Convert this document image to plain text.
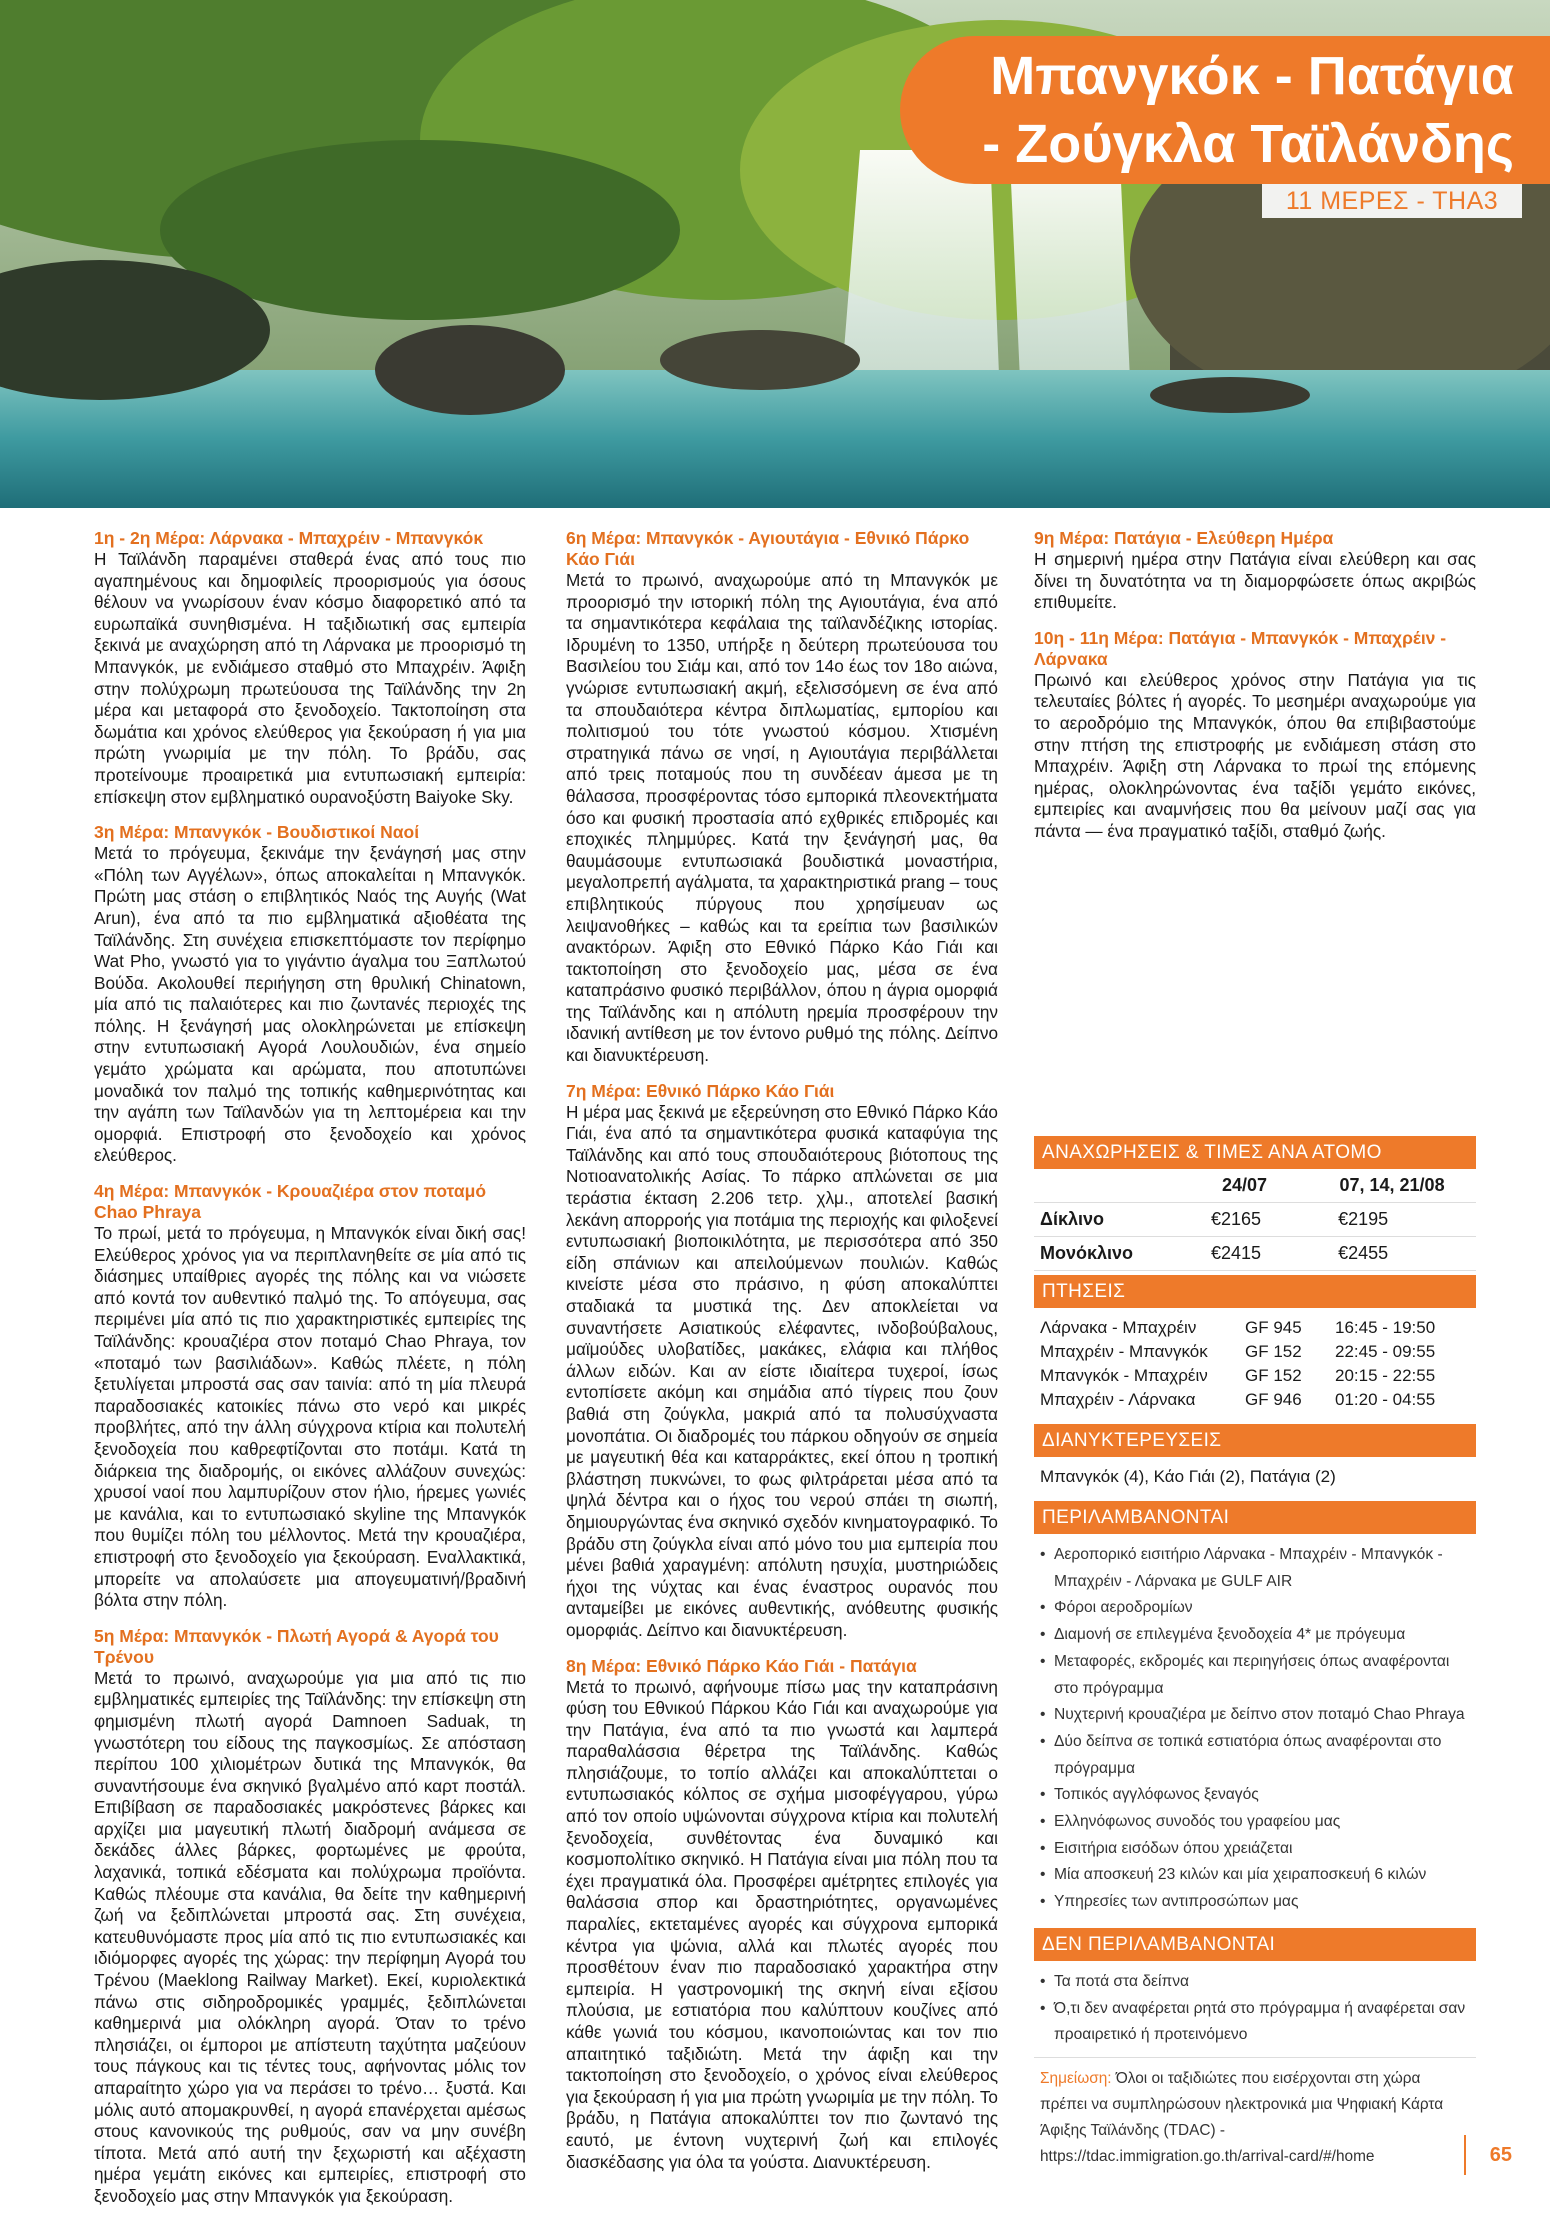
Μπανγκόκ - Πατάγια
- Ζούγκλα Ταϊλάνδης
11 ΜΕΡΕΣ - ΤΗΑ3
1η - 2η Μέρα: Λάρνακα - Μπαχρέιν - Μπανγκόκ

Η Ταϊλάνδη παραμένει σταθερά ένας από τους πιο αγαπημένους και δημοφιλείς προορισμούς για όσους θέλουν να γνωρίσουν έναν κόσμο διαφορετικό από τα ευρωπαϊκά συνηθισμένα. Η ταξιδιωτική σας εμπειρία ξεκινά με αναχώρηση από τη Λάρνακα με προορισμό τη Μπανγκόκ, με ενδιάμεσο σταθμό στο Μπαχρέιν. Άφιξη στην πολύχρωμη πρωτεύουσα της Ταϊλάνδης την 2η μέρα και μεταφορά στο ξενοδοχείο. Τακτοποίηση στα δωμάτια και χρόνος ελεύθερος για ξεκούραση ή για μια πρώτη γνωριμία με την πόλη. Το βράδυ, σας προτείνουμε προαιρετικά μια εντυπωσιακή εμπειρία: επίσκεψη στον εμβληματικό ουρανοξύστη Baiyoke Sky.

3η Μέρα: Μπανγκόκ - Βουδιστικοί Ναοί

Μετά το πρόγευμα, ξεκινάμε την ξενάγησή μας στην «Πόλη των Αγγέλων», όπως αποκαλείται η Μπανγκόκ. Πρώτη μας στάση ο επιβλητικός Ναός της Αυγής (Wat Arun), ένα από τα πιο εμβληματικά αξιοθέατα της Ταϊλάνδης. Στη συνέχεια επισκεπτόμαστε τον περίφημο Wat Pho, γνωστό για το γιγάντιο άγαλμα του Ξαπλωτού Βούδα. Ακολουθεί περιήγηση στη θρυλική Chinatown, μία από τις παλαιότερες και πιο ζωντανές περιοχές της πόλης. Η ξενάγησή μας ολοκληρώνεται με επίσκεψη στην εντυπωσιακή Αγορά Λουλουδιών, ένα σημείο γεμάτο χρώματα και αρώματα, που αποτυπώνει μοναδικά τον παλμό της τοπικής καθημερινότητας και την αγάπη των Ταϊλανδών για τη λεπτομέρεια και την ομορφιά. Επιστροφή στο ξενοδοχείο και χρόνος ελεύθερος.

4η Μέρα: Μπανγκόκ - Κρουαζιέρα στον ποταμό Chao Phraya

Το πρωί, μετά το πρόγευμα, η Μπανγκόκ είναι δική σας! Ελεύθερος χρόνος για να περιπλανηθείτε σε μία από τις διάσημες υπαίθριες αγορές της πόλης και να νιώσετε από κοντά τον αυθεντικό παλμό της. Το απόγευμα, σας περιμένει μία από τις πιο χαρακτηριστικές εμπειρίες της Ταϊλάνδης: κρουαζιέρα στον ποταμό Chao Phraya, τον «ποταμό των βασιλιάδων». Καθώς πλέετε, η πόλη ξετυλίγεται μπροστά σας σαν ταινία: από τη μία πλευρά παραδοσιακές κατοικίες πάνω στο νερό και μικρές προβλήτες, από την άλλη σύγχρονα κτίρια και πολυτελή ξενοδοχεία που καθρεφτίζονται στο ποτάμι. Κατά τη διάρκεια της διαδρομής, οι εικόνες αλλάζουν συνεχώς: χρυσοί ναοί που λαμπυρίζουν στον ήλιο, ήρεμες γωνιές με κανάλια, και το εντυπωσιακό skyline της Μπανγκόκ που θυμίζει πόλη του μέλλοντος. Μετά την κρουαζιέρα, επιστροφή στο ξενοδοχείο για ξεκούραση. Εναλλακτικά, μπορείτε να απολαύσετε μια απογευματινή/βραδινή βόλτα στην πόλη.

5η Μέρα: Μπανγκόκ - Πλωτή Αγορά & Αγορά του Τρένου

Μετά το πρωινό, αναχωρούμε για μια από τις πιο εμβληματικές εμπειρίες της Ταϊλάνδης: την επίσκεψη στη φημισμένη πλωτή αγορά Damnoen Saduak, τη γνωστότερη του είδους της παγκοσμίως. Σε απόσταση περίπου 100 χιλιομέτρων δυτικά της Μπανγκόκ, θα συναντήσουμε ένα σκηνικό βγαλμένο από καρτ ποστάλ. Επιβίβαση σε παραδοσιακές μακρόστενες βάρκες και αρχίζει μια μαγευτική πλωτή διαδρομή ανάμεσα σε δεκάδες άλλες βάρκες, φορτωμένες με φρούτα, λαχανικά, τοπικά εδέσματα και πολύχρωμα προϊόντα. Καθώς πλέουμε στα κανάλια, θα δείτε την καθημερινή ζωή να ξεδιπλώνεται μπροστά σας. Στη συνέχεια, κατευθυνόμαστε προς μία από τις πιο εντυπωσιακές και ιδιόμορφες αγορές της χώρας: την περίφημη Αγορά του Τρένου (Maeklong Railway Market). Εκεί, κυριολεκτικά πάνω στις σιδηροδρομικές γραμμές, ξεδιπλώνεται καθημερινά μια ολόκληρη αγορά. Όταν το τρένο πλησιάζει, οι έμποροι με απίστευτη ταχύτητα μαζεύουν τους πάγκους και τις τέντες τους, αφήνοντας μόλις τον απαραίτητο χώρο για να περάσει το τρένο… ξυστά. Και μόλις αυτό απομακρυνθεί, η αγορά επανέρχεται αμέσως στους κανονικούς της ρυθμούς, σαν να μην συνέβη τίποτα. Μετά από αυτή την ξεχωριστή και αξέχαστη ημέρα γεμάτη εικόνες και εμπειρίες, επιστροφή στο ξενοδοχείο μας στην Μπανγκόκ για ξεκούραση.

6η Μέρα: Μπανγκόκ - Αγιουτάγια - Εθνικό Πάρκο Κάο Γιάι

Μετά το πρωινό, αναχωρούμε από τη Μπανγκόκ με προορισμό την ιστορική πόλη της Αγιουτάγια, ένα από τα σημαντικότερα κεφάλαια της ταϊλανδέζικης ιστορίας. Ιδρυμένη το 1350, υπήρξε η δεύτερη πρωτεύουσα του Βασιλείου του Σιάμ και, από τον 14ο έως τον 18ο αιώνα, γνώρισε εντυπωσιακή ακμή, εξελισσόμενη σε ένα από τα σπουδαιότερα κέντρα διπλωματίας, εμπορίου και πολιτισμού του τότε γνωστού κόσμου. Χτισμένη στρατηγικά πάνω σε νησί, η Αγιουτάγια περιβάλλεται από τρεις ποταμούς που τη συνδέεαν άμεσα με τη θάλασσα, προσφέροντας τόσο εμπορικά πλεονεκτήματα όσο και φυσική προστασία από εχθρικές επιδρομές και εποχικές πλημμύρες. Κατά την ξενάγησή μας, θα θαυμάσουμε εντυπωσιακά βουδιστικά μοναστήρια, μεγαλοπρεπή αγάλματα, τα χαρακτηριστικά prang – τους επιβλητικούς πύργους που χρησίμευαν ως λειψανοθήκες – καθώς και τα ερείπια των βασιλικών ανακτόρων. Άφιξη στο Εθνικό Πάρκο Κάο Γιάι και τακτοποίηση στο ξενοδοχείο μας, μέσα σε ένα καταπράσινο φυσικό περιβάλλον, όπου η άγρια ομορφιά της Ταϊλάνδης και η απόλυτη ηρεμία προσφέρουν την ιδανική αντίθεση με τον έντονο ρυθμό της πόλης. Δείπνο και διανυκτέρευση.

7η Μέρα: Εθνικό Πάρκο Κάο Γιάι

Η μέρα μας ξεκινά με εξερεύνηση στο Εθνικό Πάρκο Κάο Γιάι, ένα από τα σημαντικότερα φυσικά καταφύγια της Ταϊλάνδης και από τους σπουδαιότερους βιότοπους της Νοτιοανατολικής Ασίας. Το πάρκο απλώνεται σε μια τεράστια έκταση 2.206 τετρ. χλμ., αποτελεί βασική λεκάνη απορροής για ποτάμια της περιοχής και φιλοξενεί εντυπωσιακή βιοποικιλότητα, με περισσότερα από 350 είδη σπάνιων και απειλούμενων πουλιών. Καθώς κινείστε μέσα στο πράσινο, η φύση αποκαλύπτει σταδιακά τα μυστικά της. Δεν αποκλείεται να συναντήσετε Ασιατικούς ελέφαντες, ινδοβούβαλους, μαϊμούδες υλοβατίδες, μακάκες, ελάφια και πλήθος άλλων ειδών. Και αν είστε ιδιαίτερα τυχεροί, ίσως εντοπίσετε ακόμη και σημάδια από τίγρεις που ζουν βαθιά στη ζούγκλα, μακριά από τα πολυσύχναστα μονοπάτια. Οι διαδρομές του πάρκου οδηγούν σε σημεία με μαγευτική θέα και καταρράκτες, εκεί όπου η τροπική βλάστηση πυκνώνει, το φως φιλτράρεται μέσα από τα ψηλά δέντρα και ο ήχος του νερού σπάει τη σιωπή, δημιουργώντας ένα σκηνικό σχεδόν κινηματογραφικό. Το βράδυ στη ζούγκλα είναι από μόνο του μια εμπειρία που μένει βαθιά χαραγμένη: απόλυτη ησυχία, μυστηριώδεις ήχοι της νύχτας και ένας έναστρος ουρανός που ανταμείβει με εικόνες αυθεντικής, ανόθευτης φυσικής ομορφιάς. Δείπνο και διανυκτέρευση.

8η Μέρα: Εθνικό Πάρκο Κάο Γιάι - Πατάγια

Μετά το πρωινό, αφήνουμε πίσω μας την καταπράσινη φύση του Εθνικού Πάρκου Κάο Γιάι και αναχωρούμε για την Πατάγια, ένα από τα πιο γνωστά και λαμπερά παραθαλάσσια θέρετρα της Ταϊλάνδης. Καθώς πλησιάζουμε, το τοπίο αλλάζει και αποκαλύπτεται ο εντυπωσιακός κόλπος σε σχήμα μισοφέγγαρου, γύρω από τον οποίο υψώνονται σύγχρονα κτίρια και πολυτελή ξενοδοχεία, συνθέτοντας ένα δυναμικό και κοσμοπολίτικο σκηνικό. Η Πατάγια είναι μια πόλη που τα έχει πραγματικά όλα. Προσφέρει αμέτρητες επιλογές για θαλάσσια σπορ και δραστηριότητες, οργανωμένες παραλίες, εκτεταμένες αγορές και σύγχρονα εμπορικά κέντρα για ψώνια, αλλά και πλωτές αγορές που προσθέτουν έναν πιο παραδοσιακό χαρακτήρα στην εμπειρία. Η γαστρονομική της σκηνή είναι εξίσου πλούσια, με εστιατόρια που καλύπτουν κουζίνες από κάθε γωνιά του κόσμου, ικανοποιώντας και τον πιο απαιτητικό ταξιδιώτη. Μετά την άφιξη και την τακτοποίηση στο ξενοδοχείο, ο χρόνος είναι ελεύθερος για ξεκούραση ή για μια πρώτη γνωριμία με την πόλη. Το βράδυ, η Πατάγια αποκαλύπτει τον πιο ζωντανό της εαυτό, με έντονη νυχτερινή ζωή και επιλογές διασκέδασης για όλα τα γούστα. Διανυκτέρευση.

9η Μέρα: Πατάγια - Ελεύθερη Ημέρα

Η σημερινή ημέρα στην Πατάγια είναι ελεύθερη και σας δίνει τη δυνατότητα να τη διαμορφώσετε όπως ακριβώς επιθυμείτε.

10η - 11η Μέρα: Πατάγια - Μπανγκόκ - Μπαχρέιν - Λάρνακα

Πρωινό και ελεύθερος χρόνος στην Πατάγια για τις τελευταίες βόλτες ή αγορές. Το μεσημέρι αναχωρούμε για το αεροδρόμιο της Μπανγκόκ, όπου θα επιβιβαστούμε στην πτήση της επιστροφής με ενδιάμεση στάση στο Μπαχρέιν. Άφιξη στη Λάρνακα το πρωί της επόμενης ημέρας, ολοκληρώνοντας ένα ταξίδι γεμάτο εικόνες, εμπειρίες και αναμνήσεις που θα μείνουν μαζί σας για πάντα — ένα πραγματικό ταξίδι, σταθμό ζωής.

ΑΝΑΧΩΡΗΣΕΙΣ & ΤΙΜΕΣ ΑΝΑ ΑΤΟΜΟ
	24/07	07, 14, 21/08
Δίκλινο	€2165	€2195
Μονόκλινο	€2415	€2455
ΠΤΗΣΕΙΣ
Λάρνακα - Μπαχρέιν	GF 945	16:45 - 19:50
Μπαχρέιν - Μπανγκόκ	GF 152	22:45 - 09:55
Μπανγκόκ - Μπαχρέιν	GF 152	20:15 - 22:55
Μπαχρέιν - Λάρνακα	GF 946	01:20 - 04:55
ΔΙΑΝΥΚΤΕΡΕΥΣΕΙΣ
Μπανγκόκ (4), Κάο Γιάι (2), Πατάγια (2)
ΠΕΡΙΛΑΜΒΑΝΟΝΤΑΙ
• Αεροπορικό εισιτήριο Λάρνακα - Μπαχρέιν - Μπανγκόκ - Μπαχρέιν - Λάρνακα με GULF AIR
• Φόροι αεροδρομίων
• Διαμονή σε επιλεγμένα ξενοδοχεία 4* με πρόγευμα
• Μεταφορές, εκδρομές και περιηγήσεις όπως αναφέρονται στο πρόγραμμα
• Νυχτερινή κρουαζιέρα με δείπνο στον ποταμό Chao Phraya
• Δύο δείπνα σε τοπικά εστιατόρια όπως αναφέρονται στο πρόγραμμα
• Τοπικός αγγλόφωνος ξεναγός
• Ελληνόφωνος συνοδός του γραφείου μας
• Εισιτήρια εισόδων όπου χρειάζεται
• Μία αποσκευή 23 κιλών και μία χειραποσκευή 6 κιλών
• Υπηρεσίες των αντιπροσώπων μας
ΔΕΝ ΠΕΡΙΛΑΜΒΑΝΟΝΤΑΙ
• Τα ποτά στα δείπνα
• Ό,τι δεν αναφέρεται ρητά στο πρόγραμμα ή αναφέρεται σαν προαιρετικό ή προτεινόμενο
Σημείωση: Όλοι οι ταξιδιώτες που εισέρχονται στη χώρα πρέπει να συμπληρώσουν ηλεκτρονικά μια Ψηφιακή Κάρτα Άφιξης Ταϊλάνδης (TDAC) - https://tdac.immigration.go.th/arrival-card/#/home	65
